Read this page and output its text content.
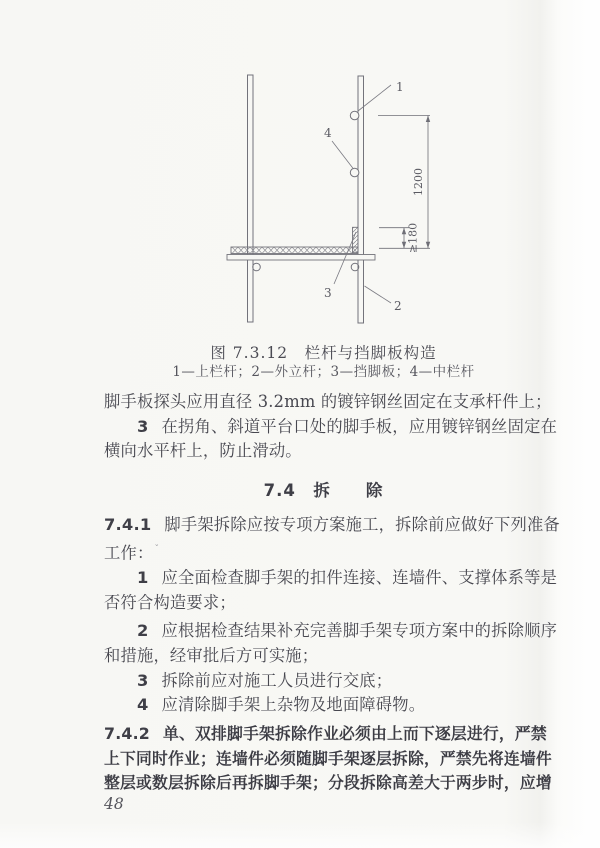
1
4
3
2
1200
≥180
图 7.3.12　栏杆与挡脚板构造
1—上栏杆；2—外立杆；3—挡脚板；4—中栏杆
脚手板探头应用直径 3.2mm 的镀锌钢丝固定在支承杆件上；
3 在拐角、斜道平台口处的脚手板，应用镀锌钢丝固定在
横向水平杆上，防止滑动。
7.4　拆　　除
7.4.1 脚手架拆除应按专项方案施工，拆除前应做好下列准备
工作：$^ˇ$
1 应全面检查脚手架的扣件连接、连墙件、支撑体系等是
否符合构造要求；
2 应根据检查结果补充完善脚手架专项方案中的拆除顺序
和措施，经审批后方可实施；
3 拆除前应对施工人员进行交底；
4 应清除脚手架上杂物及地面障碍物。
7.4.2 单、双排脚手架拆除作业必须由上而下逐层进行，严禁
上下同时作业；连墙件必须随脚手架逐层拆除，严禁先将连墙件
整层或数层拆除后再拆脚手架；分段拆除高差大于两步时，应增
48
